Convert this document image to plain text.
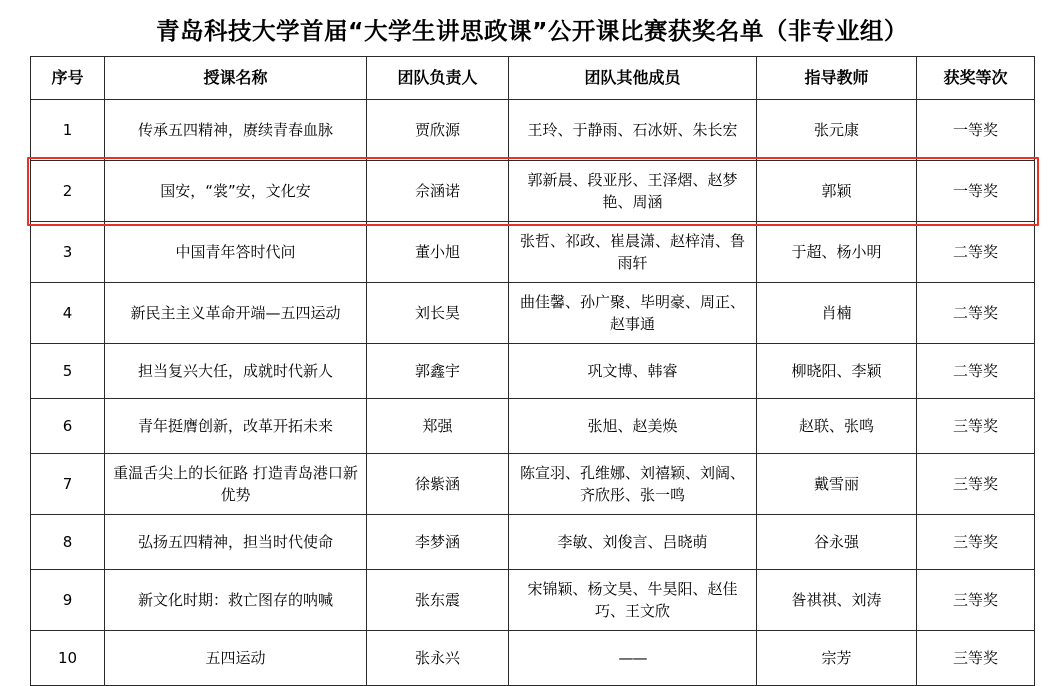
青岛科技大学首届“大学生讲思政课”公开课比赛获奖名单（非专业组）
序号	授课名称	团队负责人	团队其他成员	指导教师	获奖等次
1	传承五四精神，赓续青春血脉	贾欣源	王玲、于静雨、石冰妍、朱长宏	张元康	一等奖
2	国安，“裳”安，文化安	佘涵诺	郭新晨、段亚彤、王泽熠、赵梦艳、周涵	郭颖	一等奖
3	中国青年答时代问	董小旭	张哲、祁政、崔晨潇、赵梓清、鲁雨轩	于超、杨小明	二等奖
4	新民主主义革命开端—五四运动	刘长昊	曲佳馨、孙广聚、毕明豪、周正、赵事通	肖楠	二等奖
5	担当复兴大任，成就时代新人	郭鑫宇	巩文博、韩睿	柳晓阳、李颖	二等奖
6	青年挺膺创新，改革开拓未来	郑强	张旭、赵美焕	赵联、张鸣	三等奖
7	重温舌尖上的长征路 打造青岛港口新优势	徐紫涵	陈宣羽、孔维娜、刘禧颖、刘阔、齐欣彤、张一鸣	戴雪丽	三等奖
8	弘扬五四精神，担当时代使命	李梦涵	李敏、刘俊言、吕晓萌	谷永强	三等奖
9	新文化时期：救亡图存的呐喊	张东震	宋锦颖、杨文昊、牛昊阳、赵佳巧、王文欣	昝祺祺、刘涛	三等奖
10	五四运动	张永兴	——	宗芳	三等奖
